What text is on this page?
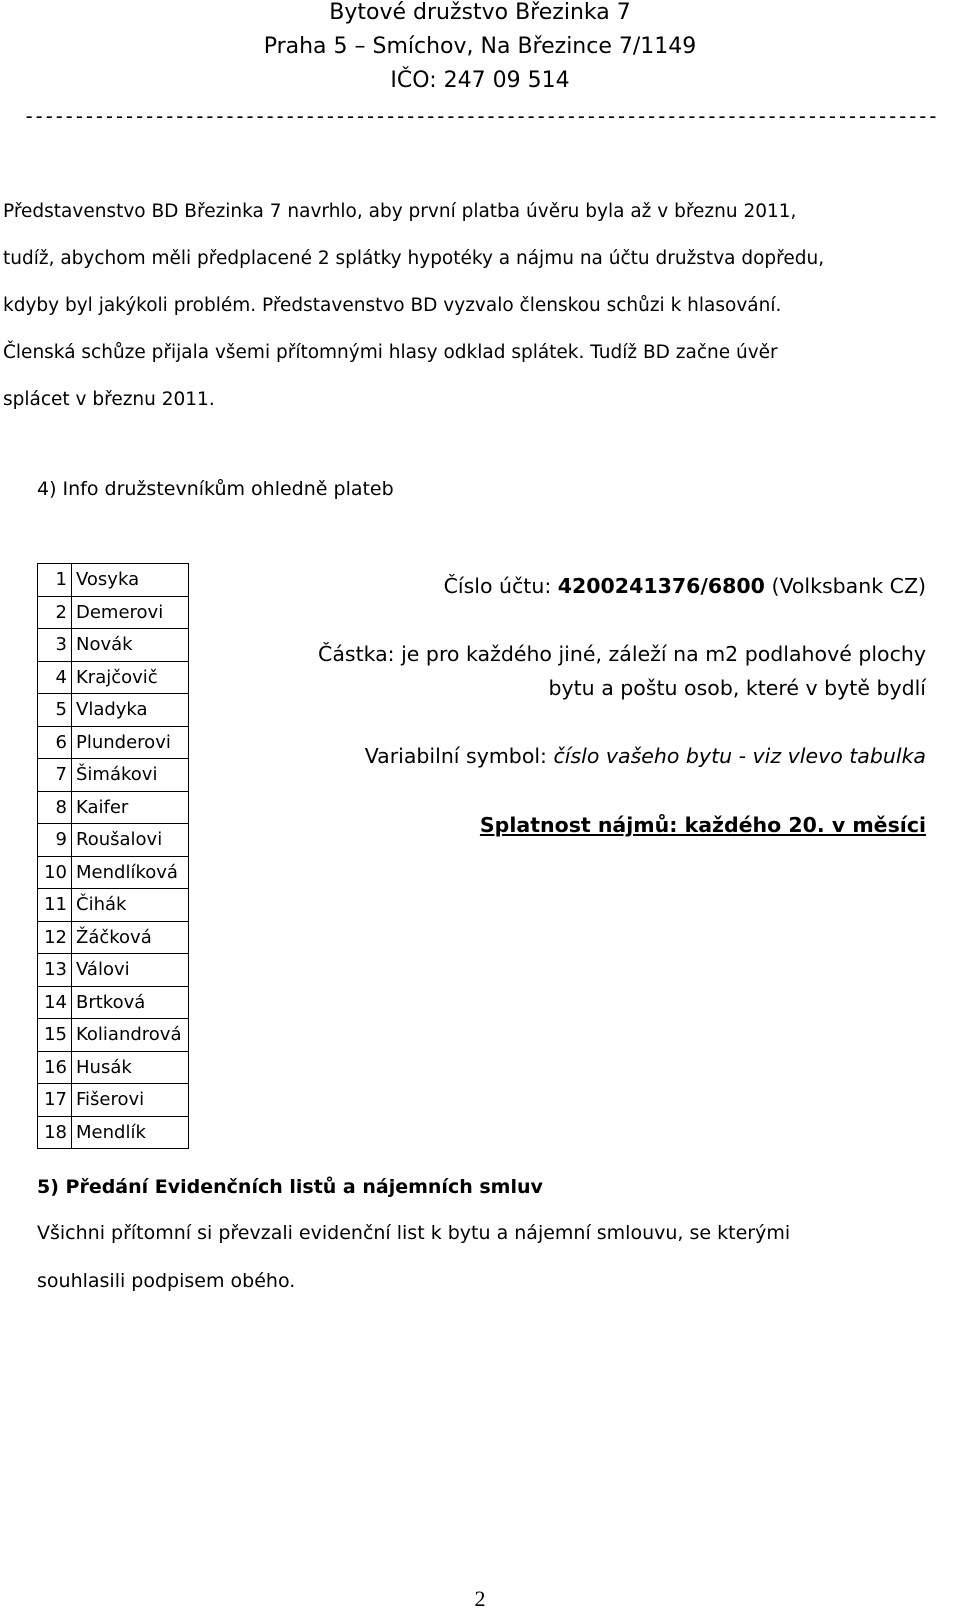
Bytové družstvo Březinka 7
Praha 5 – Smíchov, Na Březince 7/1149
IČO: 247 09 514
-------------------------------------------------------------------------------------------
Představenstvo BD Březinka 7 navrhlo, aby první platba úvěru byla až v březnu 2011,
tudíž, abychom měli předplacené 2 splátky hypotéky a nájmu na účtu družstva dopředu,
kdyby byl jakýkoli problém. Představenstvo BD vyzvalo členskou schůzi k hlasování.
Členská schůze přijala všemi přítomnými hlasy odklad splátek. Tudíž BD začne úvěr
splácet v březnu 2011.
4) Info družstevníkům ohledně plateb
1	Vosyka
2	Demerovi
3	Novák
4	Krajčovič
5	Vladyka
6	Plunderovi
7	Šimákovi
8	Kaifer
9	Roušalovi
10	Mendlíková
11	Čihák
12	Žáčková
13	Válovi
14	Brtková
15	Koliandrová
16	Husák
17	Fišerovi
18	Mendlík
Číslo účtu: 4200241376/6800 (Volksbank CZ)
Částka: je pro každého jiné, záleží na m2 podlahové plochy
bytu a poštu osob, které v bytě bydlí
Variabilní symbol: číslo vašeho bytu - viz vlevo tabulka
Splatnost nájmů: každého 20. v měsíci
5) Předání Evidenčních listů a nájemních smluv
Všichni přítomní si převzali evidenční list k bytu a nájemní smlouvu, se kterými
souhlasili podpisem obého.
2
